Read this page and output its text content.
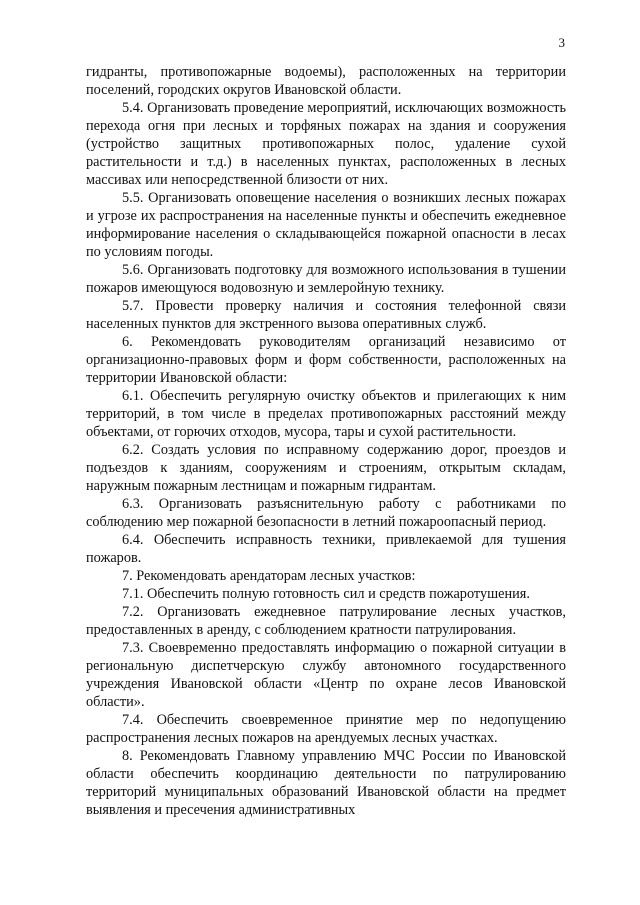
3

гидранты, противопожарные водоемы), расположенных на территории поселений, городских округов Ивановской области.

5.4. Организовать проведение мероприятий, исключающих возможность перехода огня при лесных и торфяных пожарах на здания и сооружения (устройство защитных противопожарных полос, удаление сухой растительности и т.д.) в населенных пунктах, расположенных в лесных массивах или непосредственной близости от них.

5.5. Организовать оповещение населения о возникших лесных пожарах и угрозе их распространения на населенные пункты и обеспечить ежедневное информирование населения о складывающейся пожарной опасности в лесах по условиям погоды.

5.6. Организовать подготовку для возможного использования в тушении пожаров имеющуюся водовозную и землеройную технику.

5.7. Провести проверку наличия и состояния телефонной связи населенных пунктов для экстренного вызова оперативных служб.

6. Рекомендовать руководителям организаций независимо от организационно-правовых форм и форм собственности, расположенных на территории Ивановской области:

6.1. Обеспечить регулярную очистку объектов и прилегающих к ним территорий, в том числе в пределах противопожарных расстояний между объектами, от горючих отходов, мусора, тары и сухой растительности.

6.2. Создать условия по исправному содержанию дорог, проездов и подъездов к зданиям, сооружениям и строениям, открытым складам, наружным пожарным лестницам и пожарным гидрантам.

6.3. Организовать разъяснительную работу с работниками по соблюдению мер пожарной безопасности в летний пожароопасный период.

6.4. Обеспечить исправность техники, привлекаемой для тушения пожаров.

7. Рекомендовать арендаторам лесных участков:

7.1. Обеспечить полную готовность сил и средств пожаротушения.

7.2. Организовать ежедневное патрулирование лесных участков, предоставленных в аренду, с соблюдением кратности патрулирования.

7.3. Своевременно предоставлять информацию о пожарной ситуации в региональную диспетчерскую службу автономного государственного учреждения Ивановской области «Центр по охране лесов Ивановской области».

7.4. Обеспечить своевременное принятие мер по недопущению распространения лесных пожаров на арендуемых лесных участках.

8. Рекомендовать Главному управлению МЧС России по Ивановской области обеспечить координацию деятельности по патрулированию территорий муниципальных образований Ивановской области на предмет выявления и пресечения административных
